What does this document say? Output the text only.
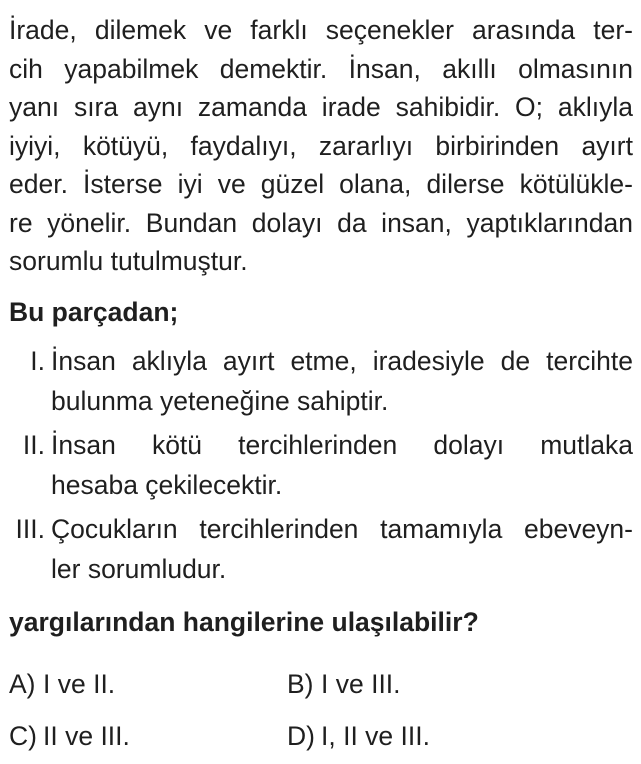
İrade, dilemek ve farklı seçenekler arasında ter-
cih yapabilmek demektir. İnsan, akıllı olmasının
yanı sıra aynı zamanda irade sahibidir. O; aklıyla
iyiyi, kötüyü, faydalıyı, zararlıyı birbirinden ayırt
eder. İsterse iyi ve güzel olana, dilerse kötülükle-
re yönelir. Bundan dolayı da insan, yaptıklarından
sorumlu tutulmuştur.

Bu parçadan;
I. İnsan aklıyla ayırt etme, iradesiyle de tercihte
bulunma yeteneğine sahiptir.
II. İnsan kötü tercihlerinden dolayı mutlaka
hesaba çekilecektir.
III. Çocukların tercihlerinden tamamıyla ebeveyn-
ler sorumludur.
yargılarından hangilerine ulaşılabilir?
A) I ve II.	B) I ve III.
C) II ve III.	D) I, II ve III.
